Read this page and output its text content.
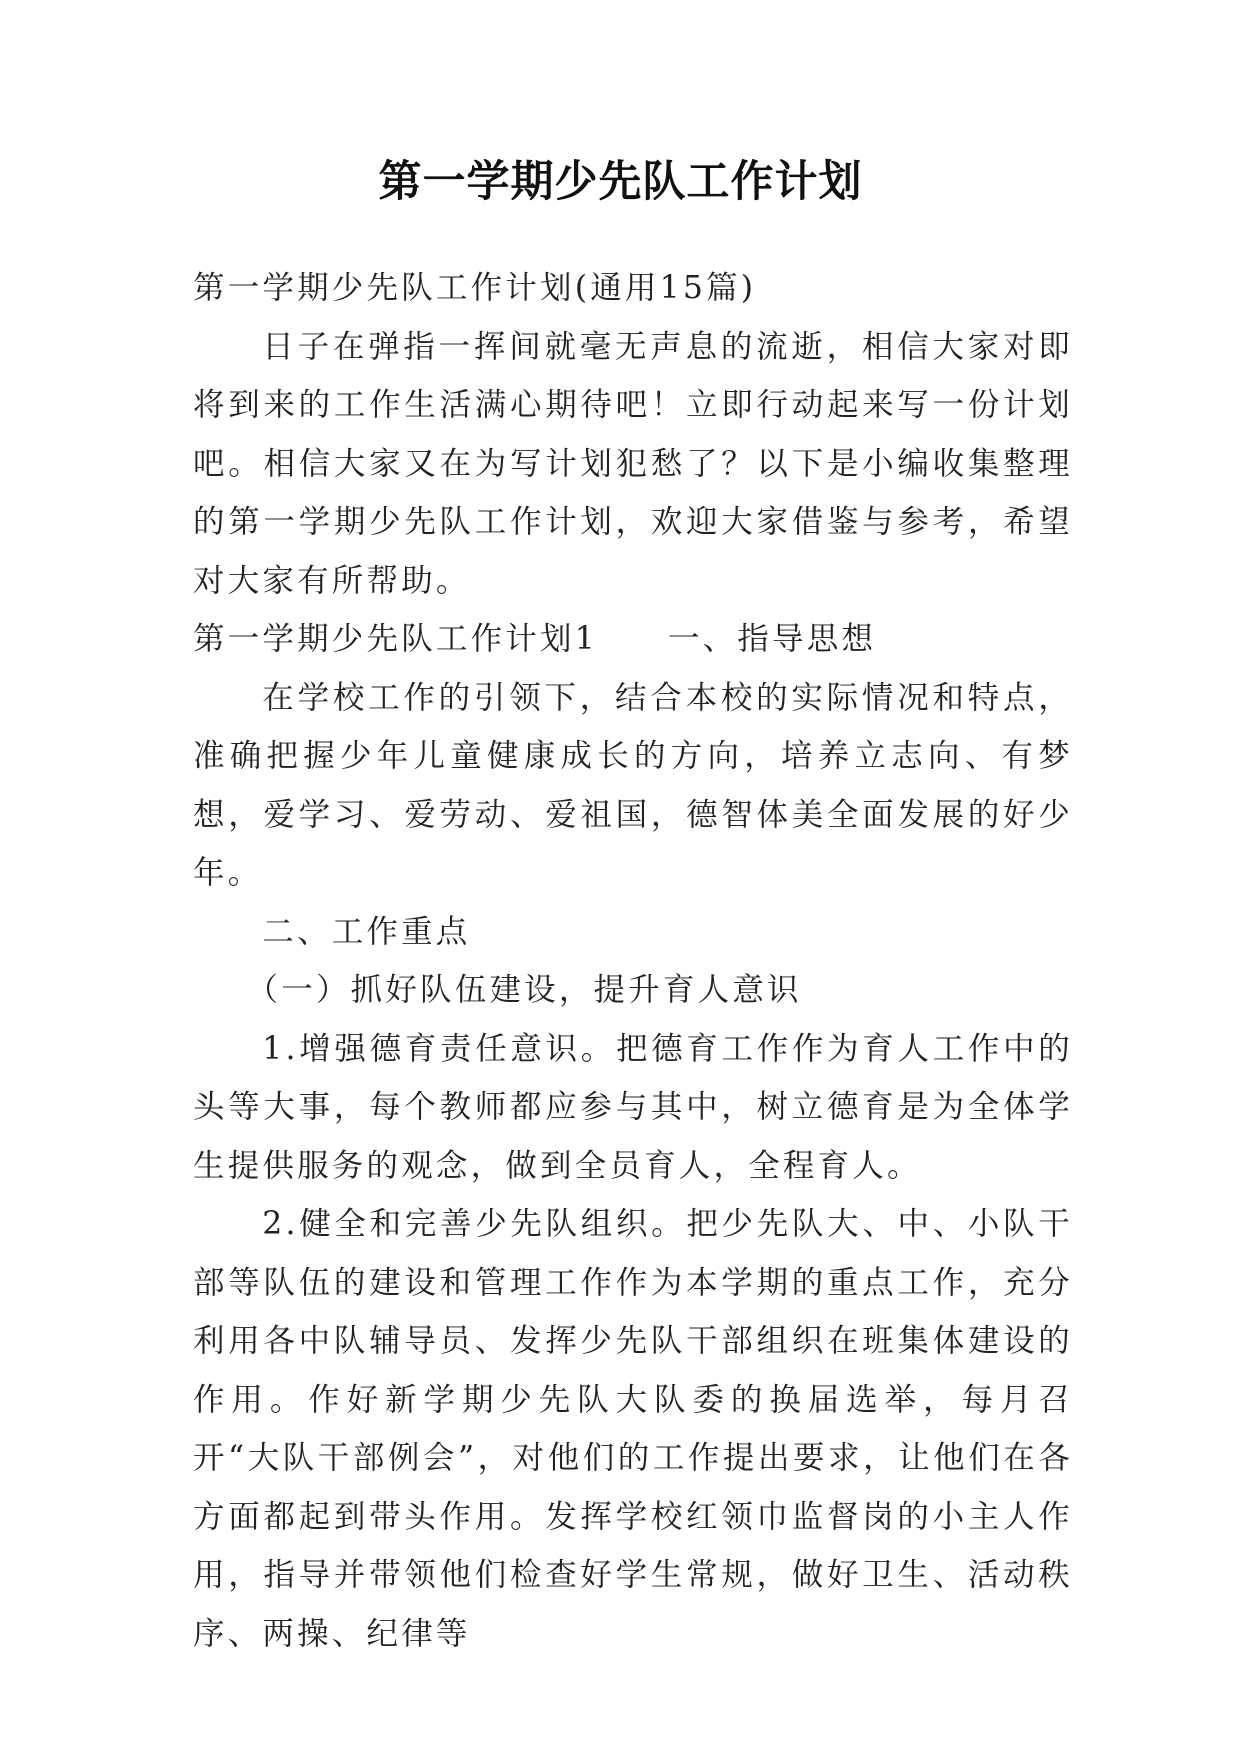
第一学期少先队工作计划

第一学期少先队工作计划(通用15篇)

日子在弹指一挥间就毫无声息的流逝，相信大家对即将到来的工作生活满心期待吧！立即行动起来写一份计划吧。相信大家又在为写计划犯愁了？以下是小编收集整理的第一学期少先队工作计划，欢迎大家借鉴与参考，希望对大家有所帮助。

第一学期少先队工作计划1 一、指导思想

在学校工作的引领下，结合本校的实际情况和特点，准确把握少年儿童健康成长的方向，培养立志向、有梦想，爱学习、爱劳动、爱祖国，德智体美全面发展的好少年。

二、工作重点

（一）抓好队伍建设，提升育人意识

1.增强德育责任意识。把德育工作作为育人工作中的头等大事，每个教师都应参与其中，树立德育是为全体学生提供服务的观念，做到全员育人，全程育人。

2.健全和完善少先队组织。把少先队大、中、小队干部等队伍的建设和管理工作作为本学期的重点工作，充分利用各中队辅导员、发挥少先队干部组织在班集体建设的作用。作好新学期少先队大队委的换届选举，每月召开“大队干部例会”，对他们的工作提出要求，让他们在各方面都起到带头作用。发挥学校红领巾监督岗的小主人作用，指导并带领他们检查好学生常规，做好卫生、活动秩序、两操、纪律等
